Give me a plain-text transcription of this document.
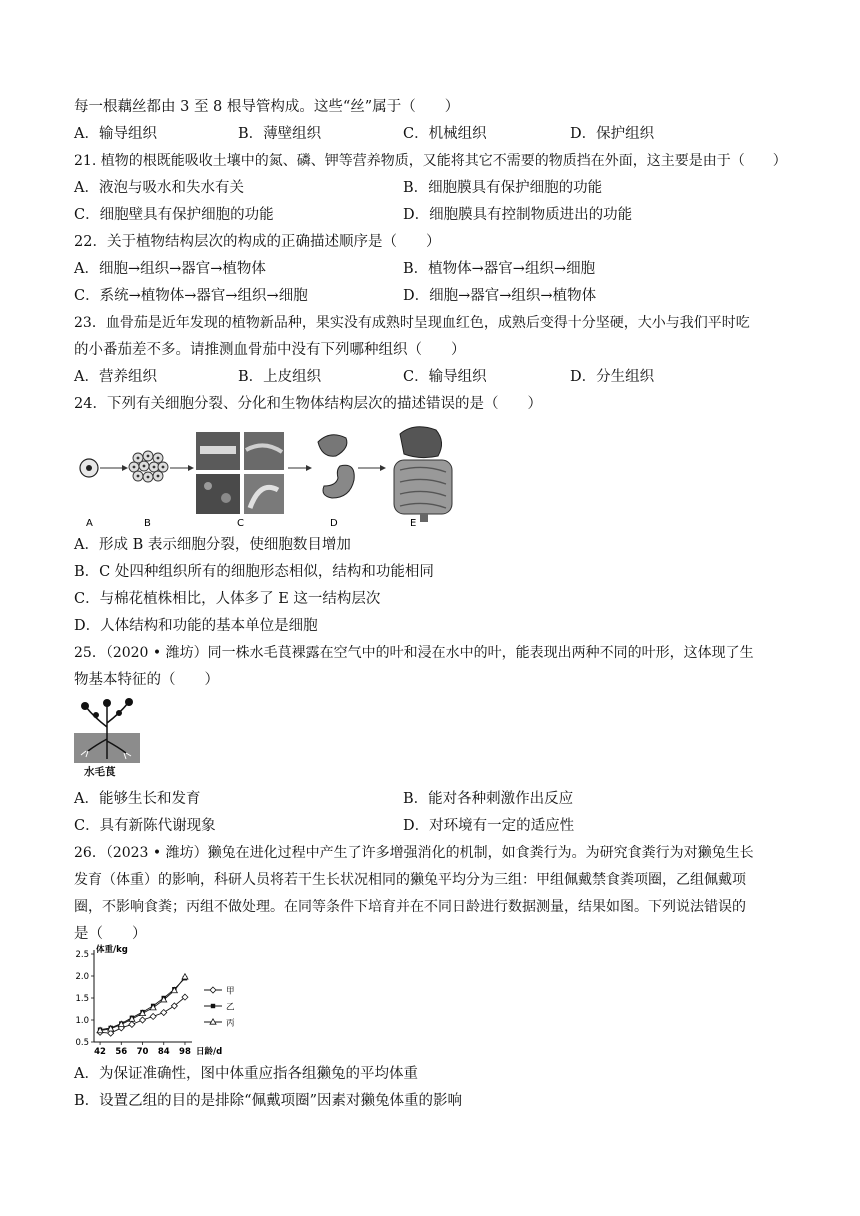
每一根藕丝都由 3 至 8 根导管构成。这些“丝”属于（　　）
A．输导组织	B．薄壁组织	C．机械组织	D．保护组织
21. 植物的根既能吸收土壤中的氮、磷、钾等营养物质，又能将其它不需要的物质挡在外面，这主要是由于（　　）
A．液泡与吸水和失水有关	B．细胞膜具有保护细胞的功能
C．细胞壁具有保护细胞的功能	D．细胞膜具有控制物质进出的功能
22．关于植物结构层次的构成的正确描述顺序是（　　）
A．细胞→组织→器官→植物体	B．植物体→器官→组织→细胞
C．系统→植物体→器官→组织→细胞	D．细胞→器官→组织→植物体
23．血骨茄是近年发现的植物新品种，果实没有成熟时呈现血红色，成熟后变得十分坚硬，大小与我们平时吃
的小番茄差不多。请推测血骨茄中没有下列哪种组织（　　）
A．营养组织	B．上皮组织	C．输导组织	D．分生组织
24．下列有关细胞分裂、分化和生物体结构层次的描述错误的是（　　）
A	B	C	D	E
A．形成 B 表示细胞分裂，使细胞数目增加
B．C 处四种组织所有的细胞形态相似，结构和功能相同
C．与棉花植株相比，人体多了 E 这一结构层次
D．人体结构和功能的基本单位是细胞
25．（2020 • 潍坊）同一株水毛茛裸露在空气中的叶和浸在水中的叶，能表现出两种不同的叶形，这体现了生
物基本特征的（　　）
水毛茛
A．能够生长和发育	B．能对各种刺激作出反应
C．具有新陈代谢现象	D．对环境有一定的适应性
26．（2023 • 潍坊）獭兔在进化过程中产生了许多增强消化的机制，如食粪行为。为研究食粪行为对獭兔生长
发育（体重）的影响，科研人员将若干生长状况相同的獭兔平均分为三组：甲组佩戴禁食粪项圈，乙组佩戴项
圈，不影响食粪；丙组不做处理。在同等条件下培育并在不同日龄进行数据测量，结果如图。下列说法错误的
是（　　）
体重/kg
0.5
1.0
1.5
2.0
2.5
42 56 70 84 98 日龄/d
甲
乙
丙
A．为保证准确性，图中体重应指各组獭兔的平均体重
B．设置乙组的目的是排除“佩戴项圈”因素对獭兔体重的影响
